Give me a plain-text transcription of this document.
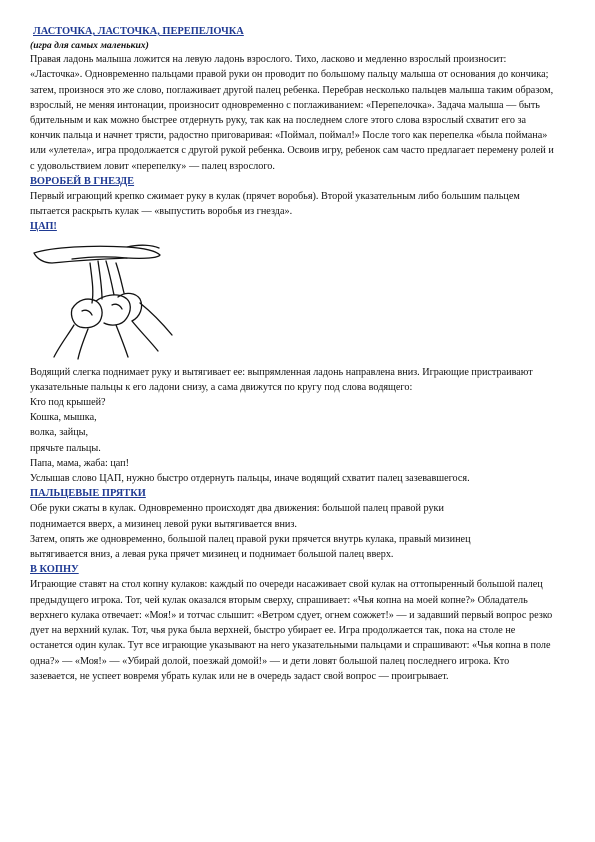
ЛАСТОЧКА, ЛАСТОЧКА, ПЕРЕПЕЛОЧКА
(игра для самых маленьких)

Правая ладонь малыша ложится на левую ладонь взрослого. Тихо, ласково и медленно взрослый произносит: «Ласточка». Одновременно пальцами правой руки он проводит по большому пальцу малыша от основания до кончика; затем, произнося это же слово, поглаживает другой палец ребенка. Перебрав несколько пальцев малыша таким образом, взрослый, не меняя интонации, произносит одновременно с поглаживанием: «Перепелочка». Задача малыша — быть бдительным и как можно быстрее отдернуть руку, так как на последнем слоге этого слова взрослый схватит его за кончик пальца и начнет трясти, радостно приговаривая: «Поймал, поймал!» После того как перепелка «была поймана» или «улетела», игра продолжается с другой рукой ребенка. Освоив игру, ребенок сам часто предлагает перемену ролей и с удовольствием ловит «перепелку» — палец взрослого.

ВОРОБЕЙ В ГНЕЗДЕ

Первый играющий крепко сжимает руку в кулак (прячет воробья). Второй указательным либо большим пальцем пытается раскрыть кулак — «выпустить воробья из гнезда».

ЦАП!

Водящий слегка поднимает руку и вытягивает ее: выпрямленная ладонь направлена вниз. Играющие пристраивают указательные пальцы к его ладони снизу, а сама движутся по кругу под слова водящего:

Кто под крышей?
Кошка, мышка,
волка, зайцы,
прячьте пальцы.
Папа, мама, жаба: цап!

Услышав слово ЦАП, нужно быстро отдернуть пальцы, иначе водящий схватит палец зазевавшегося.

ПАЛЬЦЕВЫЕ ПРЯТКИ
Обе руки сжаты в кулак. Одновременно происходят два движения: большой палец правой руки
поднимается вверх, а мизинец левой руки вытягивается вниз.
Затем, опять же одновременно, большой палец правой руки прячется внутрь кулака, правый мизинец
вытягивается вниз, а левая рука прячет мизинец и поднимает большой палец вверх.
В КОПНУ

Играющие ставят на стол копну кулаков: каждый по очереди насаживает свой кулак на оттопыренный большой палец предыдущего игрока. Тот, чей кулак оказался вторым сверху, спрашивает: «Чья копна на моей копне?» Обладатель верхнего кулака отвечает: «Моя!» и тотчас слышит: «Ветром сдует, огнем сожжет!» — и задавший первый вопрос резко дует на верхний кулак. Тот, чья рука была верхней, быстро убирает ее. Игра продолжается так, пока на столе не останется один кулак. Тут все играющие указывают на него указательными пальцами и спрашивают: «Чья копна в поле одна?» — «Моя!» — «Убирай долой, поезжай домой!» — и дети ловят большой палец последнего игрока. Кто зазевается, не успеет вовремя убрать кулак или не в очередь задаст свой вопрос — проигрывает.
